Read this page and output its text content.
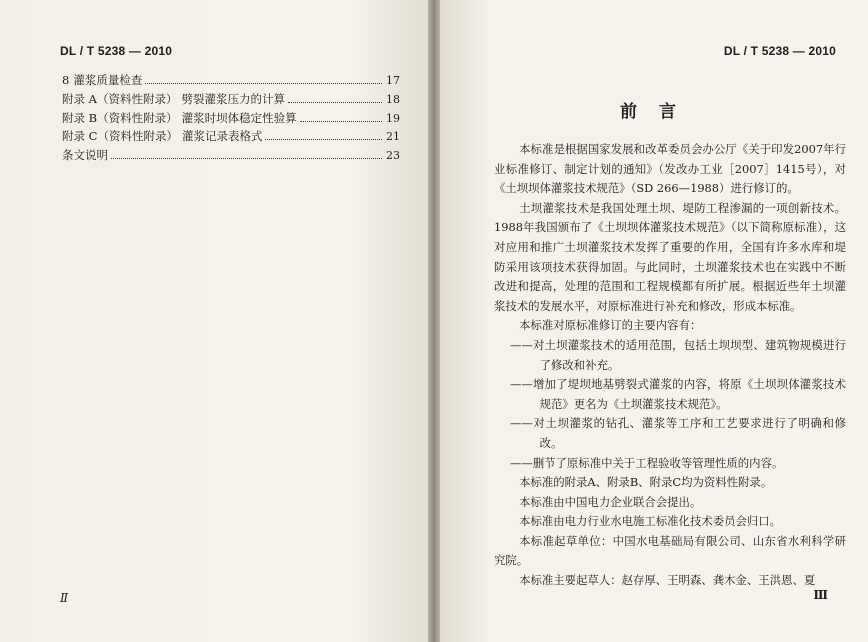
DL / T 5238 — 2010
8 灌浆质量检查	17
附录 A（资料性附录） 劈裂灌浆压力的计算	18
附录 B（资料性附录） 灌浆时坝体稳定性验算	19
附录 C（资料性附录） 灌浆记录表格式	21
条文说明	23
Ⅱ
DL / T 5238 — 2010
前言

本标准是根据国家发展和改革委员会办公厅《关于印发2007年行业标准修订、制定计划的通知》（发改办工业［2007］1415号），对《土坝坝体灌浆技术规范》（SD 266—1988）进行修订的。

土坝灌浆技术是我国处理土坝、堤防工程渗漏的一项创新技术。1988年我国颁布了《土坝坝体灌浆技术规范》（以下简称原标准），这对应用和推广土坝灌浆技术发挥了重要的作用，全国有许多水库和堤防采用该项技术获得加固。与此同时，土坝灌浆技术也在实践中不断改进和提高，处理的范围和工程规模都有所扩展。根据近些年土坝灌浆技术的发展水平，对原标准进行补充和修改，形成本标准。

本标准对原标准修订的主要内容有：

——对土坝灌浆技术的适用范围，包括土坝坝型、建筑物规模进行了修改和补充。

——增加了堤坝地基劈裂式灌浆的内容，将原《土坝坝体灌浆技术规范》更名为《土坝灌浆技术规范》。

——对土坝灌浆的钻孔、灌浆等工序和工艺要求进行了明确和修改。

——删节了原标准中关于工程验收等管理性质的内容。

本标准的附录A、附录B、附录C均为资料性附录。

本标准由中国电力企业联合会提出。

本标准由电力行业水电施工标准化技术委员会归口。

本标准起草单位：中国水电基础局有限公司、山东省水利科学研究院。

本标准主要起草人：赵存厚、王明森、龚木金、王洪恩、夏

Ⅲ
